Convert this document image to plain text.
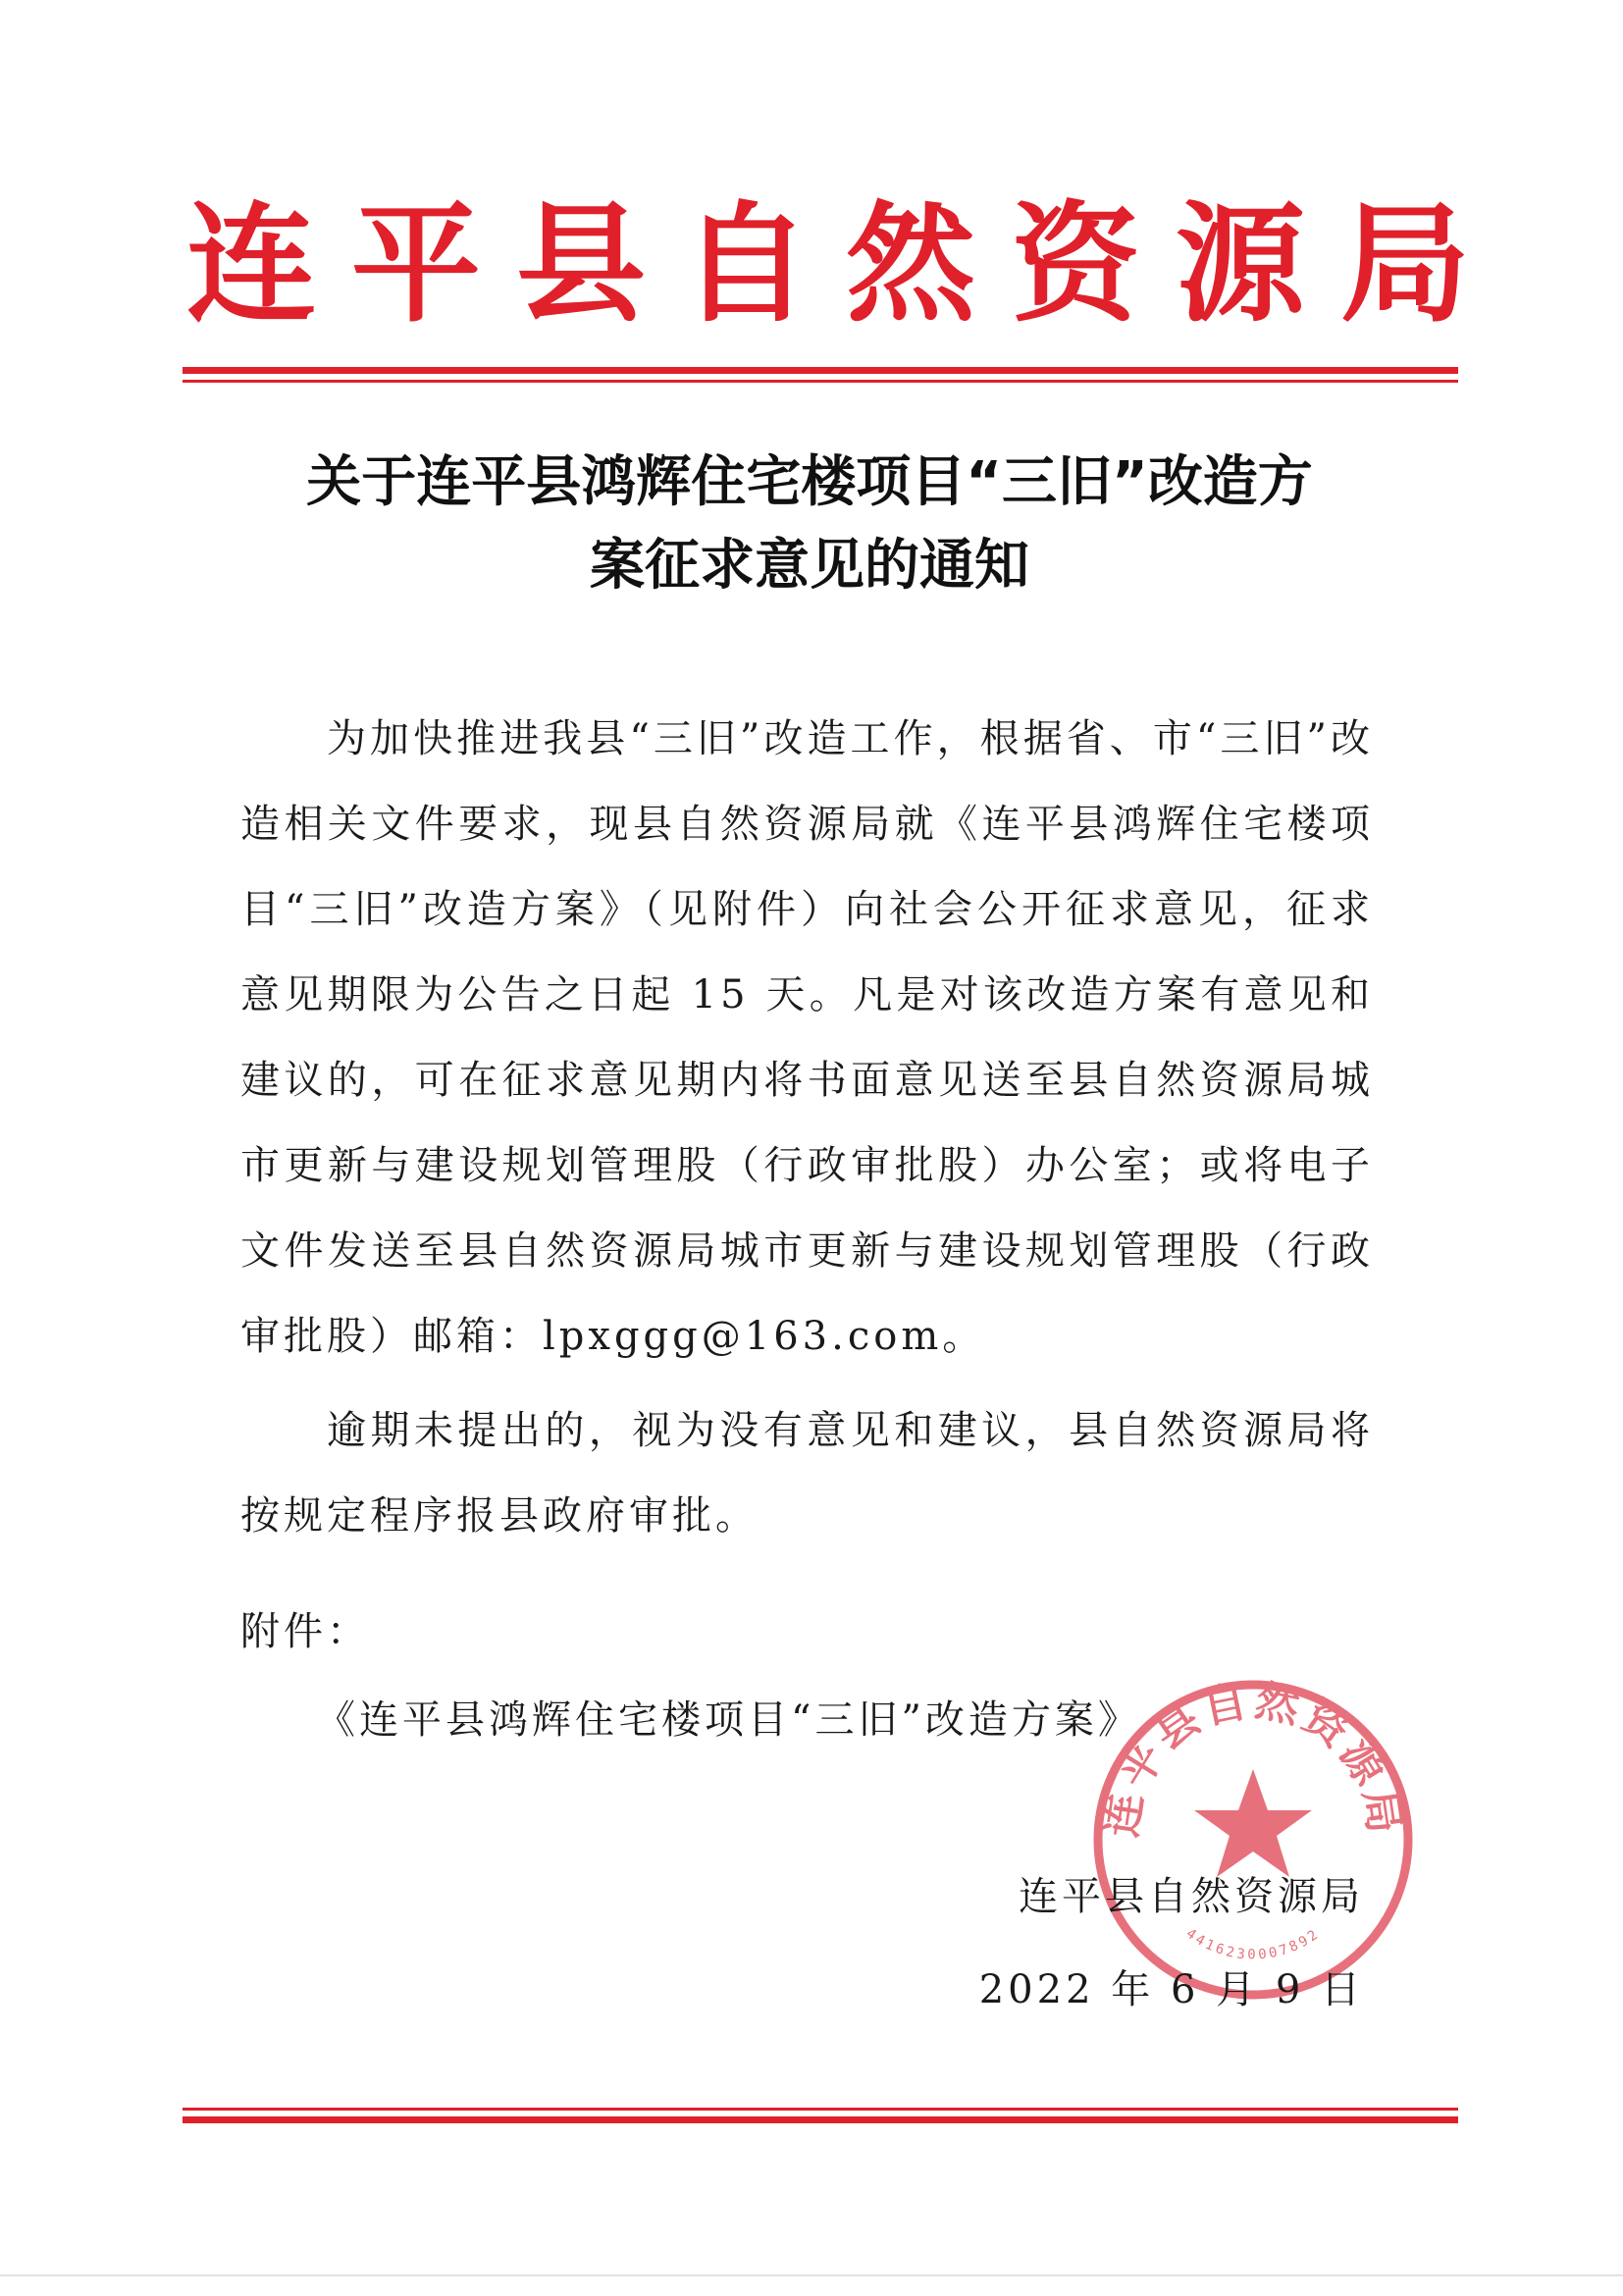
连平县自然资源局
关于连平县鸿辉住宅楼项目“三旧”改造方
案征求意见的通知
为加快推进我县“三旧”改造工作，根据省、市“三旧”改造相关文件要求，现县自然资源局就《连平县鸿辉住宅楼项目“三旧”改造方案》（见附件）向社会公开征求意见，征求意见期限为公告之日起 15 天。凡是对该改造方案有意见和建议的，可在征求意见期内将书面意见送至县自然资源局城市更新与建设规划管理股（行政审批股）办公室；或将电子文件发送至县自然资源局城市更新与建设规划管理股（行政审批股）邮箱：lpxggg@163.com。
逾期未提出的，视为没有意见和建议，县自然资源局将按规定程序报县政府审批。
附件：
《连平县鸿辉住宅楼项目“三旧”改造方案》
连平县自然资源局
4416230007892
连平县自然资源局
2022 年 6 月 9 日
